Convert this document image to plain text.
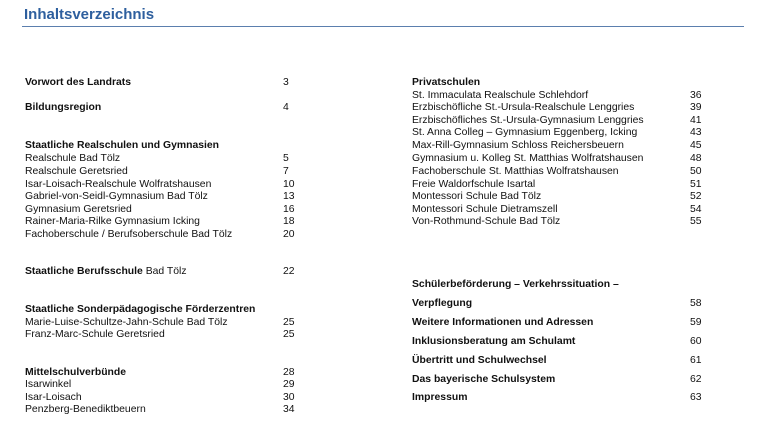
Inhaltsverzeichnis
Vorwort des Landrats	3
Bildungsregion	4
Staatliche Realschulen und Gymnasien
Realschule Bad Tölz	5
Realschule Geretsried	7
Isar-Loisach-Realschule Wolfratshausen	10
Gabriel-von-Seidl-Gymnasium Bad Tölz	13
Gymnasium Geretsried	16
Rainer-Maria-Rilke Gymnasium Icking	18
Fachoberschule / Berufsoberschule Bad Tölz	20
Staatliche Berufsschule Bad Tölz	22
Staatliche Sonderpädagogische Förderzentren
Marie-Luise-Schultze-Jahn-Schule Bad Tölz	25
Franz-Marc-Schule Geretsried	25
Mittelschulverbünde	28
Isarwinkel	29
Isar-Loisach	30
Penzberg-Benediktbeuern	34
Privatschulen
St. Immaculata Realschule Schlehdorf	36
Erzbischöfliche St.-Ursula-Realschule Lenggries	39
Erzbischöfliches St.-Ursula-Gymnasium Lenggries	41
St. Anna Colleg – Gymnasium Eggenberg, Icking	43
Max-Rill-Gymnasium Schloss Reichersbeuern	45
Gymnasium u. Kolleg St. Matthias Wolfratshausen	48
Fachoberschule St. Matthias Wolfratshausen	50
Freie Waldorfschule Isartal	51
Montessori Schule Bad Tölz	52
Montessori Schule Dietramszell	54
Von-Rothmund-Schule Bad Tölz	55
Schülerbeförderung – Verkehrssituation –
Verpflegung	58
Weitere Informationen und Adressen	59
Inklusionsberatung am Schulamt	60
Übertritt und Schulwechsel	61
Das bayerische Schulsystem	62
Impressum	63
